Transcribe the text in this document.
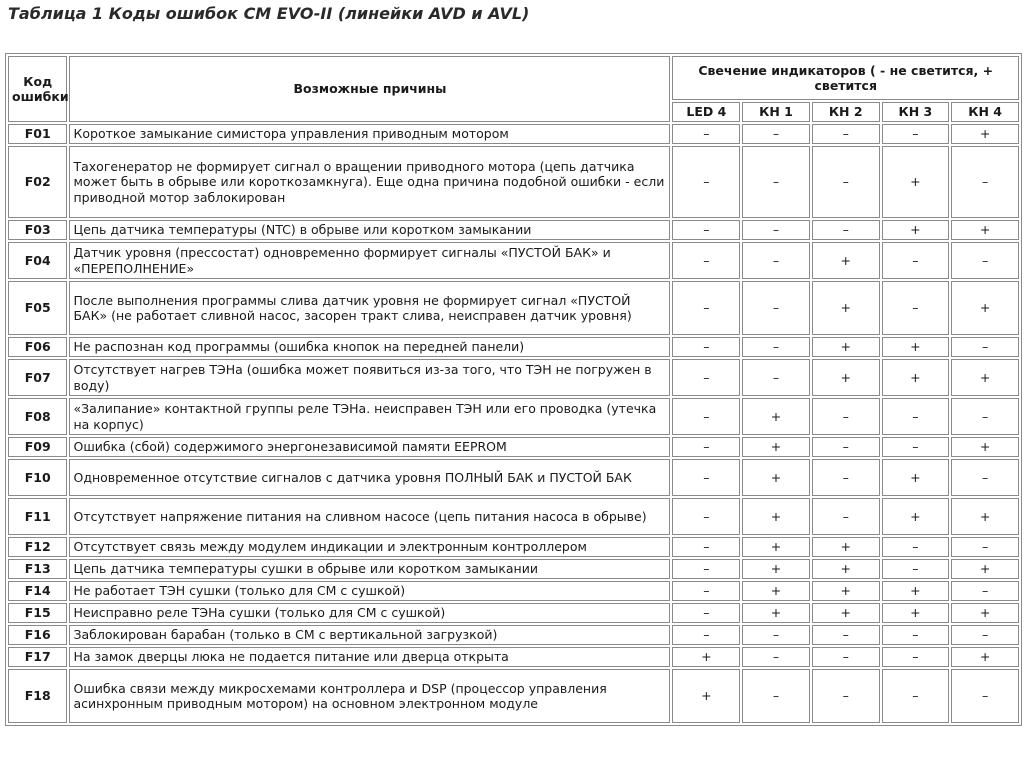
Таблица 1 Коды ошибок CM EVO-II (линейки AVD и AVL)
Код ошибки	Возможные причины	Свечение индикаторов ( - не светится, + светится				
		LED 4	КН 1	КН 2	КН 3	КН 4
F01	Короткое замыкание симистора управления приводным мотором	–	–	–	–	+
F02	Тахогенератор не формирует сигнал о вращении приводного мотора (цепь датчика может быть в обрыве или короткозамкнуга). Еще одна причина подобной ошибки - если приводной мотор заблокирован	–	–	–	+	–
F03	Цепь датчика температуры (NTC) в обрыве или коротком замыкании	–	–	–	+	+
F04	Датчик уровня (прессостат) одновременно формирует сигналы «ПУСТОЙ БАК» и «ПЕРЕПОЛНЕНИЕ»	–	–	+	–	–
F05	После выполнения программы слива датчик уровня не формирует сигнал «ПУСТОЙ БАК» (не работает сливной насос, засорен тракт слива, неисправен датчик уровня)	–	–	+	–	+
F06	Не распознан код программы (ошибка кнопок на передней панели)	–	–	+	+	–
F07	Отсутствует нагрев ТЭНа (ошибка может появиться из-за того, что ТЭН не погружен в воду)	–	–	+	+	+
F08	«Залипание» контактной группы реле ТЭНа. неисправен ТЭН или его проводка (утечка на корпус)	–	+	–	–	–
F09	Ошибка (сбой) содержимого энергонезависимой памяти EEPROM	–	+	–	–	+
F10	Одновременное отсутствие сигналов с датчика уровня ПОЛНЫЙ БАК и ПУСТОЙ БАК	–	+	–	+	–
F11	Отсутствует напряжение питания на сливном насосе (цепь питания насоса в обрыве)	–	+	–	+	+
F12	Отсутствует связь между модулем индикации и электронным контроллером	–	+	+	–	–
F13	Цепь датчика температуры сушки в обрыве или коротком замыкании	–	+	+	–	+
F14	Не работает ТЭН сушки (только для СМ с сушкой)	–	+	+	+	–
F15	Неисправно реле ТЭНа сушки (только для СМ с сушкой)	–	+	+	+	+
F16	Заблокирован барабан (только в СМ с вертикальной загрузкой)	–	–	–	–	–
F17	На замок дверцы люка не подается питание или дверца открыта	+	–	–	–	+
F18	Ошибка связи между микросхемами контроллера и DSP (процессор управления асинхронным приводным мотором) на основном электронном модуле	+	–	–	–	–
